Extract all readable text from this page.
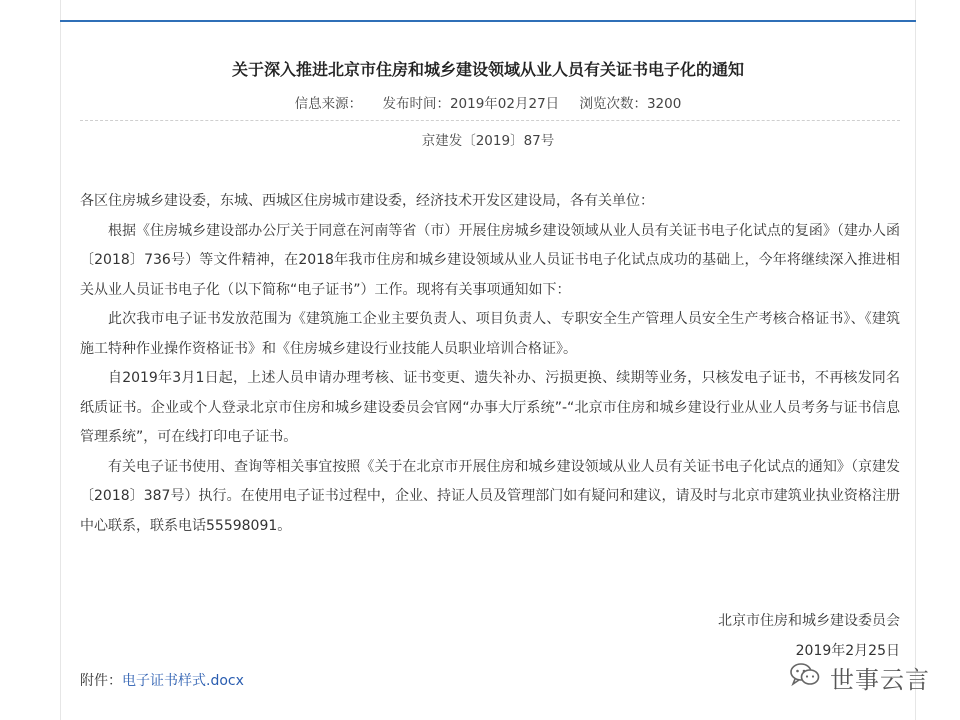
关于深入推进北京市住房和城乡建设领域从业人员有关证书电子化的通知
信息来源： 发布时间：2019年02月27日 浏览次数：3200
京建发〔2019〕87号

各区住房城乡建设委，东城、西城区住房城市建设委，经济技术开发区建设局，各有关单位：

根据《住房城乡建设部办公厅关于同意在河南等省（市）开展住房城乡建设领域从业人员有关证书电子化试点的复函》（建办人函〔2018〕736号）等文件精神，在2018年我市住房和城乡建设领域从业人员证书电子化试点成功的基础上，今年将继续深入推进相关从业人员证书电子化（以下简称“电子证书”）工作。现将有关事项通知如下：

此次我市电子证书发放范围为《建筑施工企业主要负责人、项目负责人、专职安全生产管理人员安全生产考核合格证书》、《建筑施工特种作业操作资格证书》和《住房城乡建设行业技能人员职业培训合格证》。

自2019年3月1日起，上述人员申请办理考核、证书变更、遗失补办、污损更换、续期等业务，只核发电子证书，不再核发同名纸质证书。企业或个人登录北京市住房和城乡建设委员会官网“办事大厅系统”-“北京市住房和城乡建设行业从业人员考务与证书信息管理系统”，可在线打印电子证书。

有关电子证书使用、查询等相关事宜按照《关于在北京市开展住房和城乡建设领域从业人员有关证书电子化试点的通知》（京建发〔2018〕387号）执行。在使用电子证书过程中，企业、持证人员及管理部门如有疑问和建议，请及时与北京市建筑业执业资格注册中心联系，联系电话55598091。

北京市住房和城乡建设委员会
2019年2月25日
附件：电子证书样式.docx	世事云言
